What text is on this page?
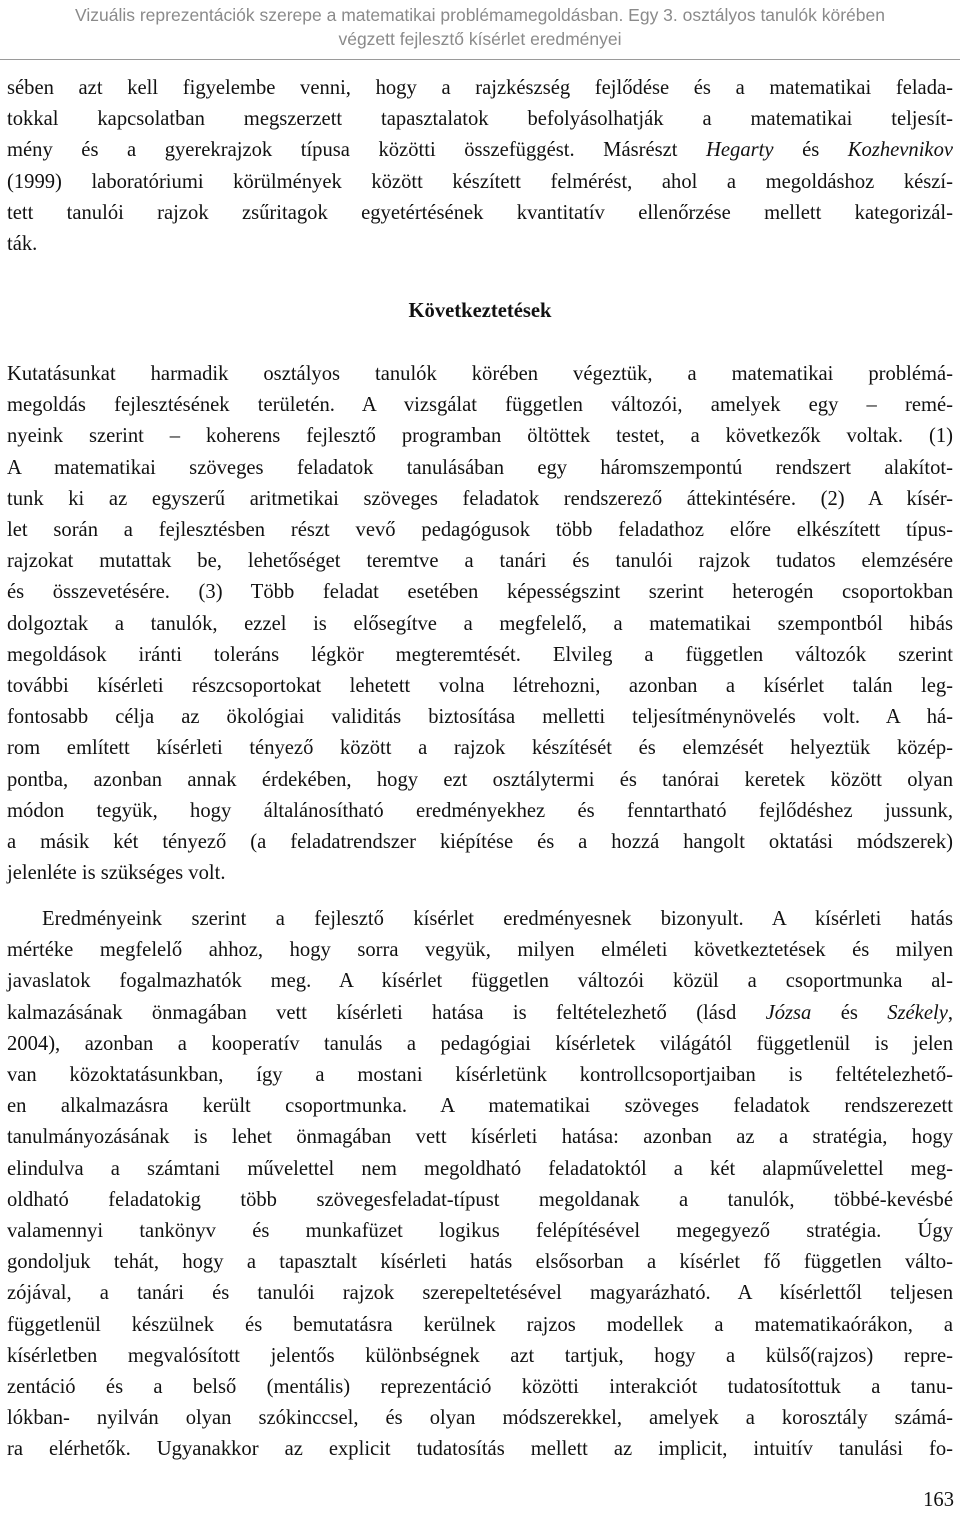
Vizuális reprezentációk szerepe a matematikai problémamegoldásban. Egy 3. osztályos tanulók körében
végzett fejlesztő kísérlet eredményei
sében azt kell figyelembe venni, hogy a rajzkészség fejlődése és a matematikai felada-
tokkal kapcsolatban megszerzett tapasztalatok befolyásolhatják a matematikai teljesít-
mény és a gyerekrajzok típusa közötti összefüggést. Másrészt Hegarty és Kozhevnikov
(1999) laboratóriumi körülmények között készített felmérést, ahol a megoldáshoz készí-
tett tanulói rajzok zsűritagok egyetértésének kvantitatív ellenőrzése mellett kategorizál-
ták.
Következtetések
Kutatásunkat harmadik osztályos tanulók körében végeztük, a matematikai problémá-
megoldás fejlesztésének területén. A vizsgálat független változói, amelyek egy – remé-
nyeink szerint – koherens fejlesztő programban öltöttek testet, a következők voltak. (1)
A matematikai szöveges feladatok tanulásában egy háromszempontú rendszert alakítot-
tunk ki az egyszerű aritmetikai szöveges feladatok rendszerező áttekintésére. (2) A kísér-
let során a fejlesztésben részt vevő pedagógusok több feladathoz előre elkészített típus-
rajzokat mutattak be, lehetőséget teremtve a tanári és tanulói rajzok tudatos elemzésére
és összevetésére. (3) Több feladat esetében képességszint szerint heterogén csoportokban
dolgoztak a tanulók, ezzel is elősegítve a megfelelő, a matematikai szempontból hibás
megoldások iránti toleráns légkör megteremtését. Elvileg a független változók szerint
további kísérleti részcsoportokat lehetett volna létrehozni, azonban a kísérlet talán leg-
fontosabb célja az ökológiai validitás biztosítása melletti teljesítménynövelés volt. A há-
rom említett kísérleti tényező között a rajzok készítését és elemzését helyeztük közép-
pontba, azonban annak érdekében, hogy ezt osztálytermi és tanórai keretek között olyan
módon tegyük, hogy általánosítható eredményekhez és fenntartható fejlődéshez jussunk,
a másik két tényező (a feladatrendszer kiépítése és a hozzá hangolt oktatási módszerek)
jelenléte is szükséges volt.
Eredményeink szerint a fejlesztő kísérlet eredményesnek bizonyult. A kísérleti hatás
mértéke megfelelő ahhoz, hogy sorra vegyük, milyen elméleti következtetések és milyen
javaslatok fogalmazhatók meg. A kísérlet független változói közül a csoportmunka al-
kalmazásának önmagában vett kísérleti hatása is feltételezhető (lásd Józsa és Székely,
2004), azonban a kooperatív tanulás a pedagógiai kísérletek világától függetlenül is jelen
van közoktatásunkban, így a mostani kísérletünk kontrollcsoportjaiban is feltételezhető-
en alkalmazásra került csoportmunka. A matematikai szöveges feladatok rendszerezett
tanulmányozásának is lehet önmagában vett kísérleti hatása: azonban az a stratégia, hogy
elindulva a számtani művelettel nem megoldható feladatoktól a két alapművelettel meg-
oldható feladatokig több szövegesfeladat-típust megoldanak a tanulók, többé-kevésbé
valamennyi tankönyv és munkafüzet logikus felépítésével megegyező stratégia. Úgy
gondoljuk tehát, hogy a tapasztalt kísérleti hatás elsősorban a kísérlet fő független válto-
zójával, a tanári és tanulói rajzok szerepeltetésével magyarázható. A kísérlettől teljesen
függetlenül készülnek és bemutatásra kerülnek rajzos modellek a matematikaórákon, a
kísérletben megvalósított jelentős különbségnek azt tartjuk, hogy a külső(rajzos) repre-
zentáció és a belső (mentális) reprezentáció közötti interakciót tudatosítottuk a tanu-
lókban- nyilván olyan szókinccsel, és olyan módszerekkel, amelyek a korosztály számá-
ra elérhetők. Ugyanakkor az explicit tudatosítás mellett az implicit, intuitív tanulási fo-
163
